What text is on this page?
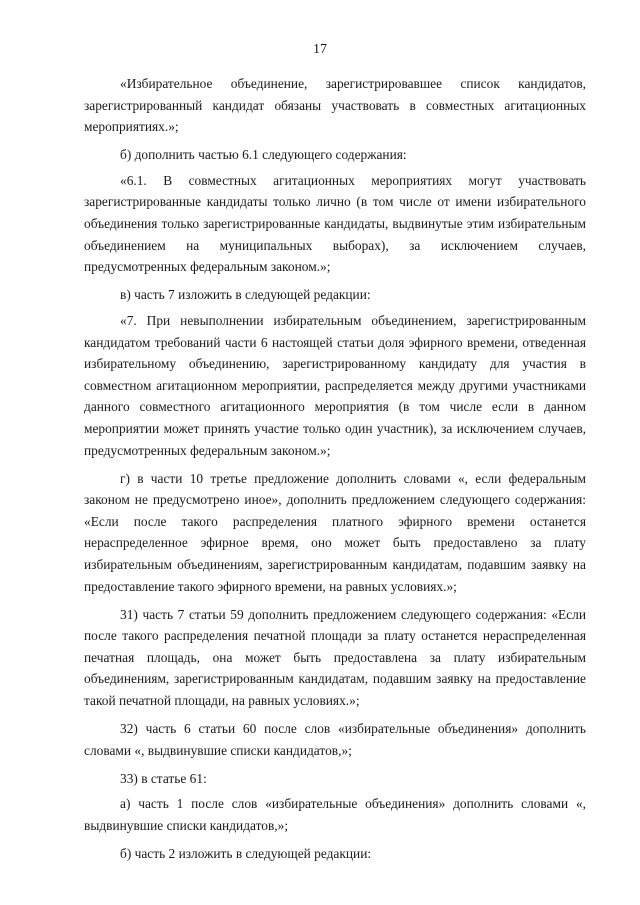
17

«Избирательное объединение, зарегистрировавшее список кандидатов, зарегистрированный кандидат обязаны участвовать в совместных агитационных мероприятиях.»;

б) дополнить частью 6.1 следующего содержания:

«6.1. В совместных агитационных мероприятиях могут участвовать зарегистрированные кандидаты только лично (в том числе от имени избирательного объединения только зарегистрированные кандидаты, выдвинутые этим избирательным объединением на муниципальных выборах), за исключением случаев, предусмотренных федеральным законом.»;

в) часть 7 изложить в следующей редакции:

«7. При невыполнении избирательным объединением, зарегистрированным кандидатом требований части 6 настоящей статьи доля эфирного времени, отведенная избирательному объединению, зарегистрированному кандидату для участия в совместном агитационном мероприятии, распределяется между другими участниками данного совместного агитационного мероприятия (в том числе если в данном мероприятии может принять участие только один участник), за исключением случаев, предусмотренных федеральным законом.»;

г) в части 10 третье предложение дополнить словами «, если федеральным законом не предусмотрено иное», дополнить предложением следующего содержания: «Если после такого распределения платного эфирного времени останется нераспределенное эфирное время, оно может быть предоставлено за плату избирательным объединениям, зарегистрированным кандидатам, подавшим заявку на предоставление такого эфирного времени, на равных условиях.»;

31) часть 7 статьи 59 дополнить предложением следующего содержания: «Если после такого распределения печатной площади за плату останется нераспределенная печатная площадь, она может быть предоставлена за плату избирательным объединениям, зарегистрированным кандидатам, подавшим заявку на предоставление такой печатной площади, на равных условиях.»;

32) часть 6 статьи 60 после слов «избирательные объединения» дополнить словами «, выдвинувшие списки кандидатов,»;

33) в статье 61:

а) часть 1 после слов «избирательные объединения» дополнить словами «, выдвинувшие списки кандидатов,»;

б) часть 2 изложить в следующей редакции:
